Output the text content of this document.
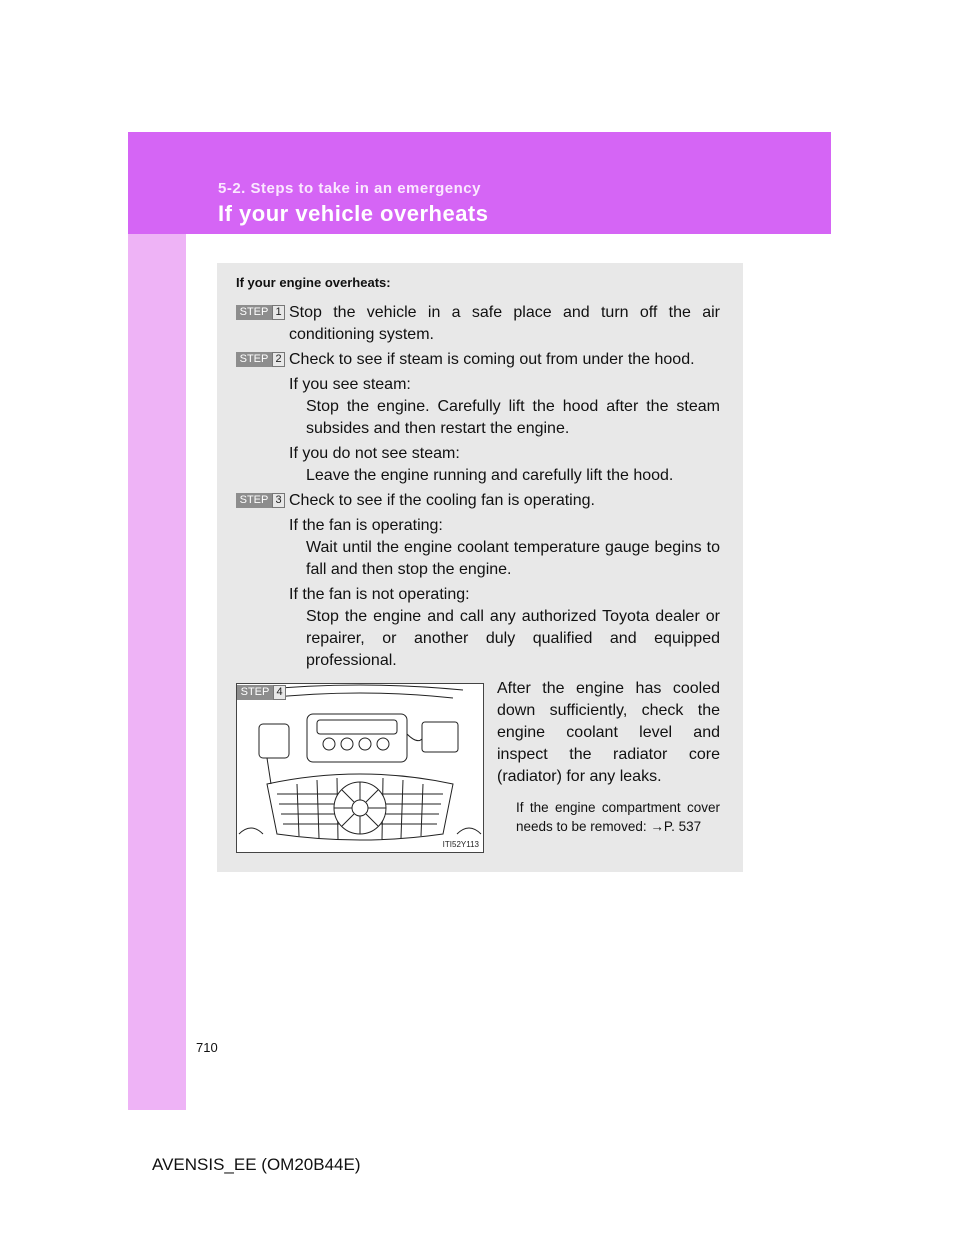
5-2. Steps to take in an emergency
If your vehicle overheats
If your engine overheats:
STEP 1 Stop the vehicle in a safe place and turn off the air conditioning system.

STEP 2 Check to see if steam is coming out from under the hood.

If you see steam:

Stop the engine. Carefully lift the hood after the steam subsides and then restart the engine.

If you do not see steam:

Leave the engine running and carefully lift the hood.

STEP 3 Check to see if the cooling fan is operating.

If the fan is operating:

Wait until the engine coolant temperature gauge begins to fall and then stop the engine.

If the fan is not operating:

Stop the engine and call any authorized Toyota dealer or repairer, or another duly qualified and equipped professional.

ITI52Y113
STEP 4	After the engine has cooled down sufficiently, check the engine coolant level and inspect the radiator core (radiator) for any leaks.

If the engine compartment cover needs to be removed: →P. 537

710
AVENSIS_EE (OM20B44E)
